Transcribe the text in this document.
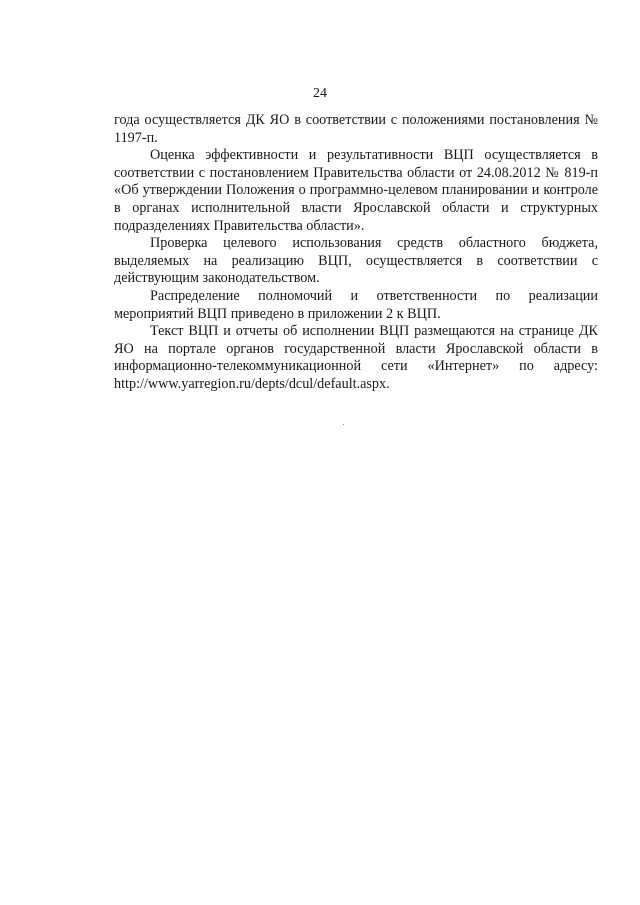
24

года осуществляется ДК ЯО в соответствии с положениями постановления № 1197-п.

Оценка эффективности и результативности ВЦП осуществляется в соответствии с постановлением Правительства области от 24.08.2012 № 819-п «Об утверждении Положения о программно-целевом планировании и контроле в органах исполнительной власти Ярославской области и структурных подразделениях Правительства области».

Проверка целевого использования средств областного бюджета, выделяемых на реализацию ВЦП, осуществляется в соответствии с действующим законодательством.

Распределение полномочий и ответственности по реализации мероприятий ВЦП приведено в приложении 2 к ВЦП.

Текст ВЦП и отчеты об исполнении ВЦП размещаются на странице ДК ЯО на портале органов государственной власти Ярославской области в информационно-телекоммуникационной сети «Интернет» по адресу: http://www.yarregion.ru/depts/dcul/default.aspx.
